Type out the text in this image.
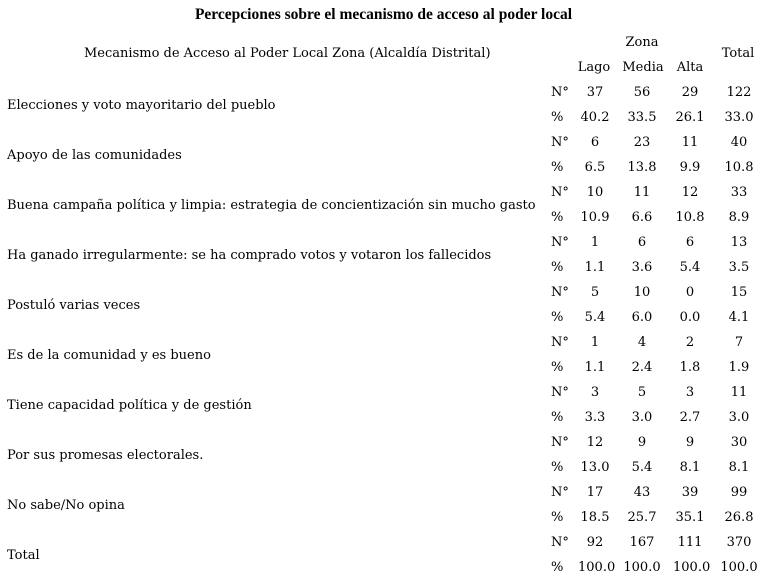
Percepciones sobre el mecanismo de acceso al poder local
Mecanismo de Acceso al Poder Local Zona (Alcaldía Distrital)
Zona
Total
Lago Media	Alta
Elecciones y voto mayoritario del pueblo
N°	37	56	29	122
% 40.2	33.5	26.1	33.0
Apoyo de las comunidades
N°	6	23	11	40
%	6.5	13.8	9.9	10.8
Buena campaña política y limpia: estrategia de concientización sin mucho gasto
N°	10	11	12	33
% 10.9	6.6	10.8	8.9
Ha ganado irregularmente: se ha comprado votos y votaron los fallecidos
N°	1	6	6	13
%	1.1	3.6	5.4	3.5
Postuló varias veces
N°	5	10	0	15
%	5.4	6.0	0.0	4.1
Es de la comunidad y es bueno
N°	1	4	2	7
%	1.1	2.4	1.8	1.9
Tiene capacidad política y de gestión
N°	3	5	3	11
%	3.3	3.0	2.7	3.0
Por sus promesas electorales.
N°	12	9	9	30
% 13.0	5.4	8.1	8.1
No sabe/No opina
N°	17	43	39	99
% 18.5	25.7	35.1	26.8
Total
N°	92	167	111	370
% 100.0 100.0 100.0 100.0
